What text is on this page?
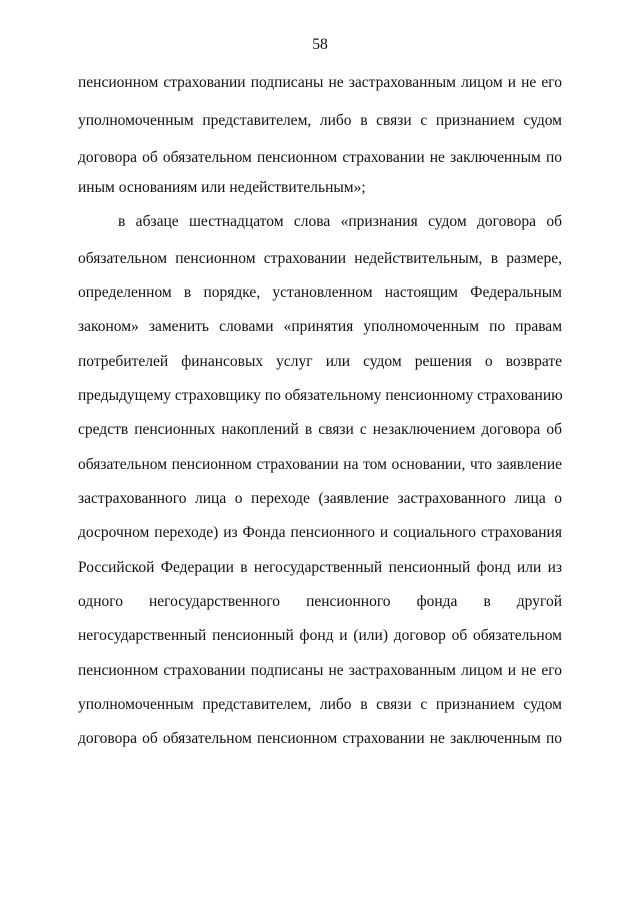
58
пенсионном страховании подписаны не застрахованным лицом и не его
уполномоченным представителем, либо в связи с признанием судом
договора об обязательном пенсионном страховании не заключенным по
иным основаниям или недействительным»;
в абзаце шестнадцатом слова «признания судом договора об
обязательном пенсионном страховании недействительным, в размере,
определенном в порядке, установленном настоящим Федеральным
законом» заменить словами «принятия уполномоченным по правам
потребителей финансовых услуг или судом решения о возврате
предыдущему страховщику по обязательному пенсионному страхованию
средств пенсионных накоплений в связи с незаключением договора об
обязательном пенсионном страховании на том основании, что заявление
застрахованного лица о переходе (заявление застрахованного лица о
досрочном переходе) из Фонда пенсионного и социального страхования
Российской Федерации в негосударственный пенсионный фонд или из
одного негосударственного пенсионного фонда в другой
негосударственный пенсионный фонд и (или) договор об обязательном
пенсионном страховании подписаны не застрахованным лицом и не его
уполномоченным представителем, либо в связи с признанием судом
договора об обязательном пенсионном страховании не заключенным по
